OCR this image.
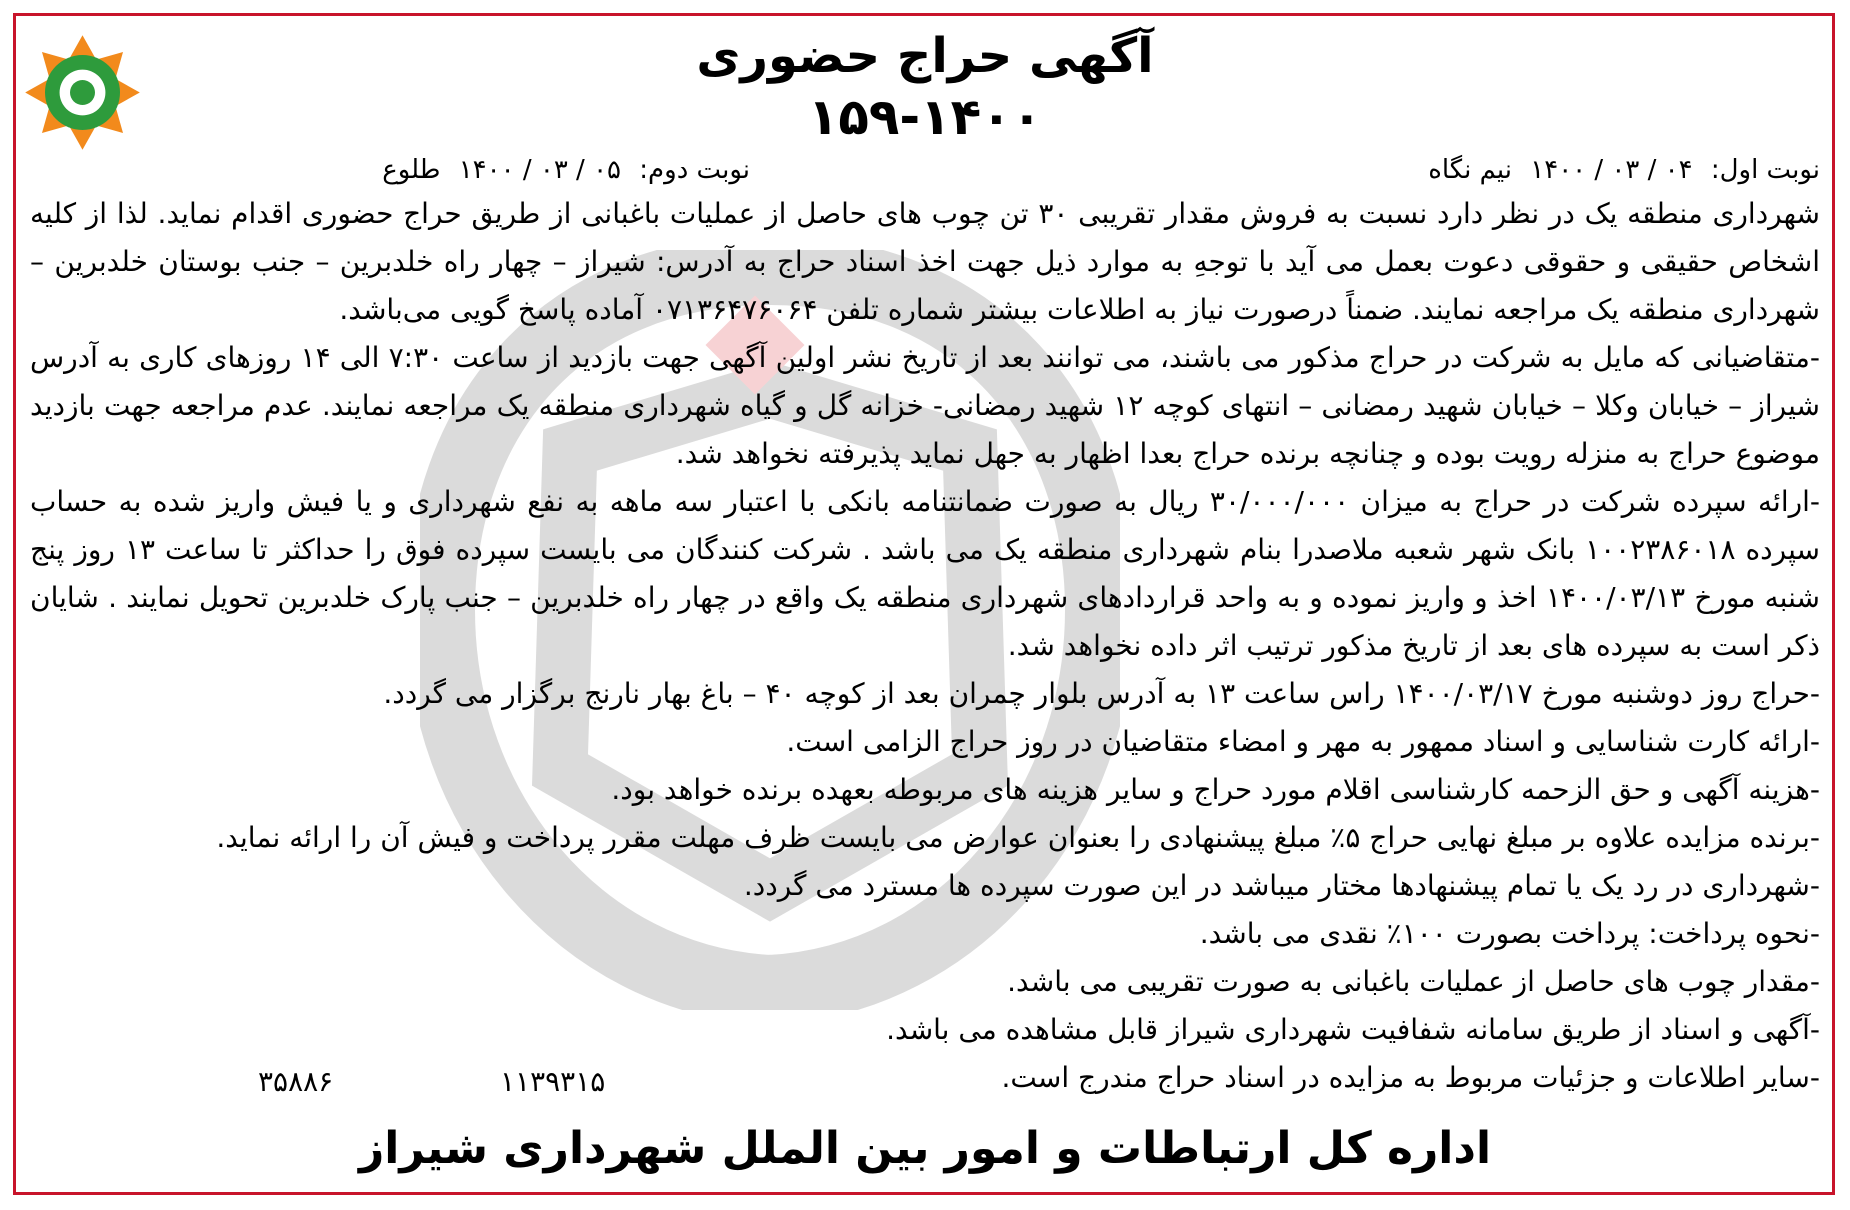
آگهی حراج حضوری
۱۵۹-۱۴۰۰
نوبت اول: ۰۴ / ۰۳ / ۱۴۰۰ نیم نگاه
نوبت دوم: ۰۵ / ۰۳ / ۱۴۰۰ طلوع

شهرداری منطقه یک در نظر دارد نسبت به فروش مقدار تقریبی ۳۰ تن چوب های حاصل از عملیات باغبانی از طریق حراج حضوری اقدام نماید. لذا از کلیه اشخاص حقیقی و حقوقی دعوت بعمل می آید با توجهِ به موارد ذیل جهت اخذ اسناد حراج به آدرس: شیراز – چهار راه خلدبرین – جنب بوستان خلدبرین – شهرداری منطقه یک مراجعه نمایند. ضمناً درصورت نیاز به اطلاعات بیشتر شماره تلفن ۰۷۱۳۶۴۷۶۰۶۴ آماده پاسخ گویی می‌باشد.

-متقاضیانی که مایل به شرکت در حراج مذکور می باشند، می توانند بعد از تاریخ نشر اولین آگهی جهت بازدید از ساعت ۷:۳۰ الی ۱۴ روزهای کاری به آدرس شیراز – خیابان وکلا – خیابان شهید رمضانی – انتهای کوچه ۱۲ شهید رمضانی- خزانه گل و گیاه شهرداری منطقه یک مراجعه نمایند. عدم مراجعه جهت بازدید موضوع حراج به منزله رویت بوده و چنانچه برنده حراج بعدا اظهار به جهل نماید پذیرفته نخواهد شد.

-ارائه سپرده شرکت در حراج به میزان ۳۰/۰۰۰/۰۰۰ ریال به صورت ضمانتنامه بانکی با اعتبار سه ماهه به نفع شهرداری و یا فیش واریز شده به حساب سپرده ۱۰۰۲۳۸۶۰۱۸ بانک شهر شعبه ملاصدرا بنام شهرداری منطقه یک می باشد . شرکت کنندگان می بایست سپرده فوق را حداکثر تا ساعت ۱۳ روز پنج شنبه مورخ ۱۴۰۰/۰۳/۱۳ اخذ و واریز نموده و به واحد قراردادهای شهرداری منطقه یک واقع در چهار راه خلدبرین – جنب پارک خلدبرین تحویل نمایند . شایان ذکر است به سپرده های بعد از تاریخ مذکور ترتیب اثر داده نخواهد شد.

-حراج روز دوشنبه مورخ ۱۴۰۰/۰۳/۱۷ راس ساعت ۱۳ به آدرس بلوار چمران بعد از کوچه ۴۰ – باغ بهار نارنج برگزار می گردد.

-ارائه کارت شناسایی و اسناد ممهور به مهر و امضاء متقاضیان در روز حراج الزامی است.

-هزینه آگهی و حق الزحمه کارشناسی اقلام مورد حراج و سایر هزینه های مربوطه بعهده برنده خواهد بود.

-برنده مزایده علاوه بر مبلغ نهایی حراج ۵٪ مبلغ پیشنهادی را بعنوان عوارض می بایست ظرف مهلت مقرر پرداخت و فیش آن را ارائه نماید.

-شهرداری در رد یک یا تمام پیشنهادها مختار میباشد در این صورت سپرده ها مسترد می گردد.

-نحوه پرداخت: پرداخت بصورت ۱۰۰٪ نقدی می باشد.

-مقدار چوب های حاصل از عملیات باغبانی به صورت تقریبی می باشد.

-آگهی و اسناد از طریق سامانه شفافیت شهرداری شیراز قابل مشاهده می باشد.

-سایر اطلاعات و جزئیات مربوط به مزایده در اسناد حراج مندرج است.

۱۱۳۹۳۱۵
۳۵۸۸۶
اداره کل ارتباطات و امور بین الملل شهرداری شیراز
